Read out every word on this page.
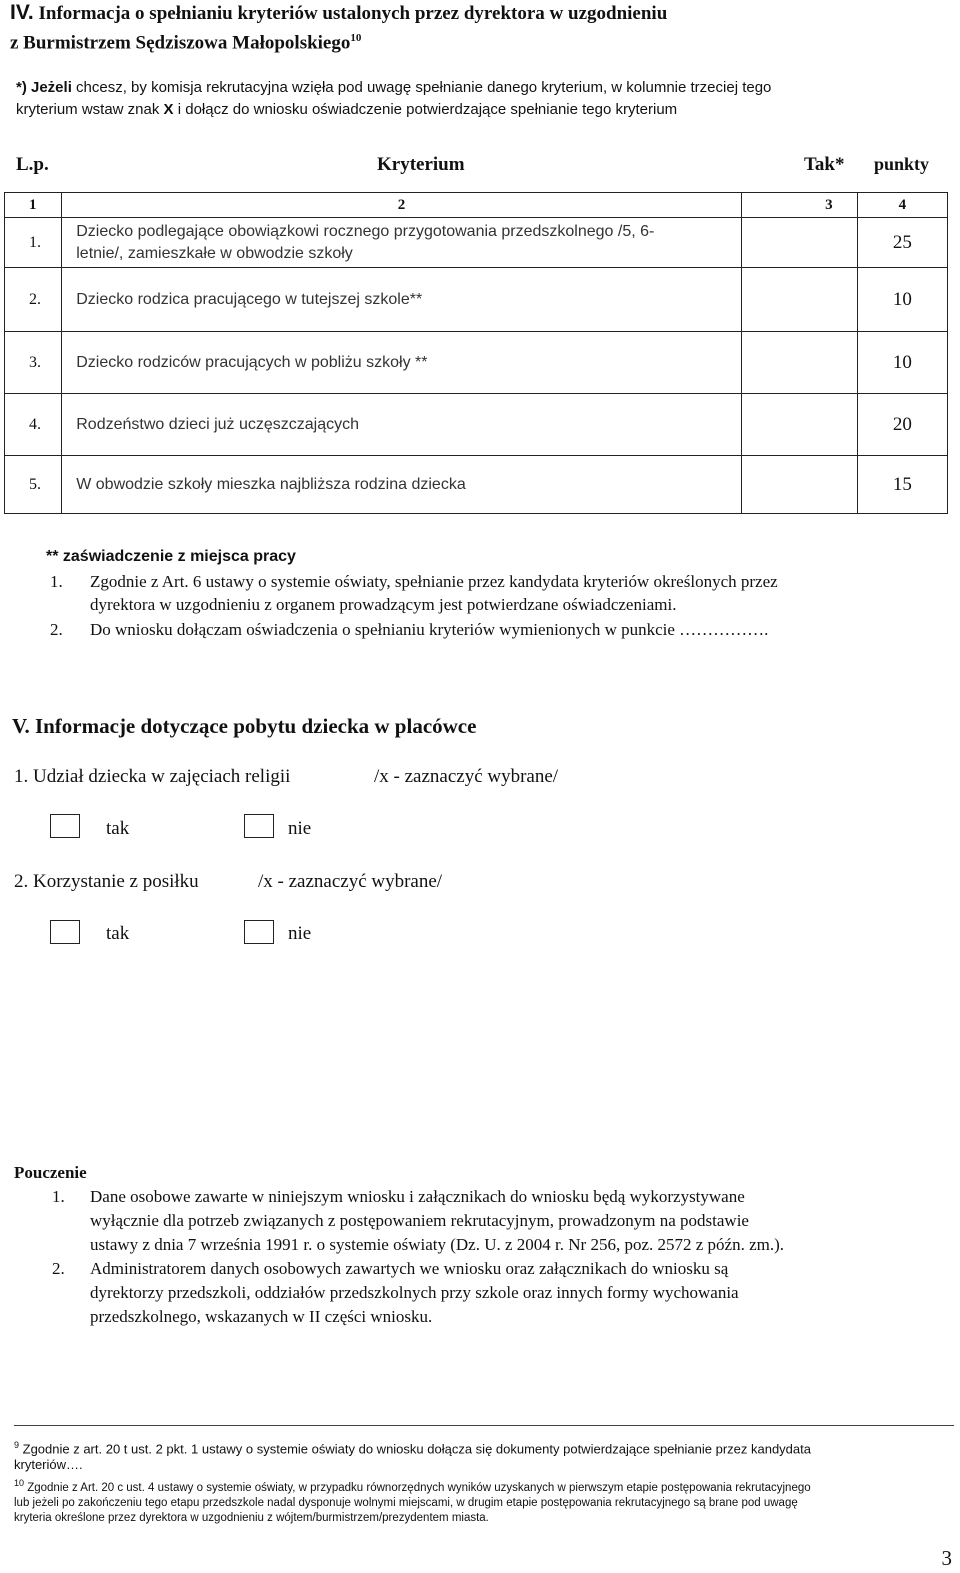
IV. Informacja o spełnianiu kryteriów ustalonych przez dyrektora w uzgodnieniu
z Burmistrzem Sędziszowa Małopolskiego$^{10}$
*) Jeżeli chcesz, by komisja rekrutacyjna wzięła pod uwagę spełnianie danego kryterium, w kolumnie trzeciej tego
kryterium wstaw znak X i dołącz do wniosku oświadczenie potwierdzające spełnianie tego kryterium
L.p.	Kryterium	Tak* punkty
1	2	3	4
1.	Dziecko podlegające obowiązkowi rocznego przygotowania przedszkolnego /5, 6-
letnie/, zamieszkałe w obwodzie szkoły		25
2.	Dziecko rodzica pracującego w tutejszej szkole**		10
3.	Dziecko rodziców pracujących w pobliżu szkoły **		10
4.	Rodzeństwo dzieci już uczęszczających		20
5.	W obwodzie szkoły mieszka najbliższa rodzina dziecka		15
** zaświadczenie z miejsca pracy
1. Zgodnie z Art. 6 ustawy o systemie oświaty, spełnianie przez kandydata kryteriów określonych przez
dyrektora w uzgodnieniu z organem prowadzącym jest potwierdzane oświadczeniami.
2. Do wniosku dołączam oświadczenia o spełnianiu kryteriów wymienionych w punkcie …………….
V. Informacje dotyczące pobytu dziecka w placówce
1. Udział dziecka w zajęciach religii	/x - zaznaczyć wybrane/
tak	nie
2. Korzystanie z posiłku	/x - zaznaczyć wybrane/
tak	nie
Pouczenie
1. Dane osobowe zawarte w niniejszym wniosku i załącznikach do wniosku będą wykorzystywane
wyłącznie dla potrzeb związanych z postępowaniem rekrutacyjnym, prowadzonym na podstawie
ustawy z dnia 7 września 1991 r. o systemie oświaty (Dz. U. z 2004 r. Nr 256, poz. 2572 z późn. zm.).
2. Administratorem danych osobowych zawartych we wniosku oraz załącznikach do wniosku są
dyrektorzy przedszkoli, oddziałów przedszkolnych przy szkole oraz innych formy wychowania
przedszkolnego, wskazanych w II części wniosku.
$^9$ Zgodnie z art. 20 t ust. 2 pkt. 1 ustawy o systemie oświaty do wniosku dołącza się dokumenty potwierdzające spełnianie przez kandydata
kryteriów….
$^{10}$ Zgodnie z Art. 20 c ust. 4 ustawy o systemie oświaty, w przypadku równorzędnych wyników uzyskanych w pierwszym etapie postępowania rekrutacyjnego
lub jeżeli po zakończeniu tego etapu przedszkole nadal dysponuje wolnymi miejscami, w drugim etapie postępowania rekrutacyjnego są brane pod uwagę
kryteria określone przez dyrektora w uzgodnieniu z wójtem/burmistrzem/prezydentem miasta.
3
